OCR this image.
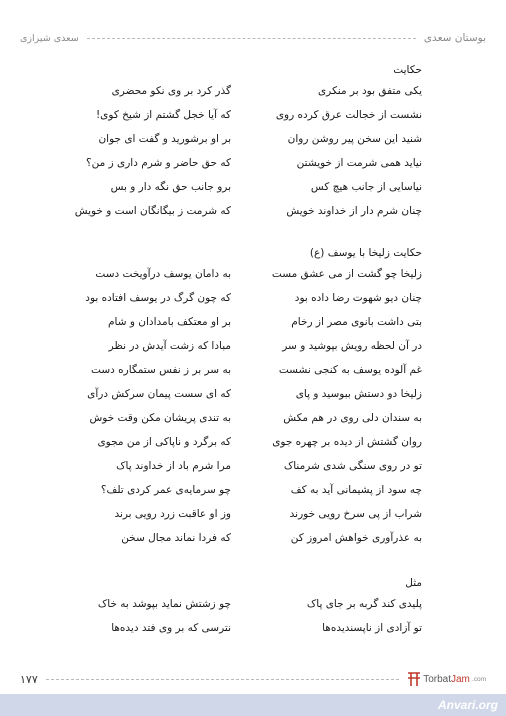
بوستان سعدی
سعدی شیرازی
حکایت
یکی متفق بود بر منکری
گذر کرد بر وی نکو محضری
نشست از خجالت عرق کرده روی
که آیا خجل گشتم از شیخ کوی!
شنید این سخن پیر روشن روان
بر او برشورید و گفت ای جوان
نیاید همی شرمت از خویشتن
که حق حاضر و شرم داری ز من؟
نیاسایی از جانب هیچ کس
برو جانب حق نگه دار و بس
چنان شرم دار از خداوند خویش
که شرمت ز بیگانگان است و خویش
حکایت زلیخا با یوسف (ع)
زلیخا چو گشت از می عشق مست
به دامان یوسف درآویخت دست
چنان دیو شهوت رضا داده بود
که چون گرگ در یوسف افتاده بود
بتی داشت بانوی مصر از رخام
بر او معتکف بامدادان و شام
در آن لحظه رویش بپوشید و سر
مبادا که زشت آیدش در نظر
غم آلوده یوسف به کنجی نشست
به سر بر ز نفس ستمگاره دست
زلیخا دو دستش ببوسید و پای
که ای سست پیمان سرکش درآی
به سندان دلی روی در هم مکش
به تندی پریشان مکن وقت خوش
روان گشتش از دیده بر چهره جوی
که برگرد و ناپاکی از من مجوی
تو در روی سنگی شدی شرمناک
مرا شرم باد از خداوند پاک
چه سود از پشیمانی آید به کف
چو سرمایه‌ی عمر کردی تلف؟
شراب از پی سرخ رویی خورند
وز او عاقبت زرد رویی برند
به عذرآوری خواهش امروز کن
که فردا نماند مجال سخن
مثل
پلیدی کند گربه بر جای پاک
چو زشتش نماید بپوشد به خاک
تو آزادی از ناپسندیده‌ها
نترسی که بر وی فتد دیده‌ها
۱۷۷	TorbatJam .com
Anvari.org
